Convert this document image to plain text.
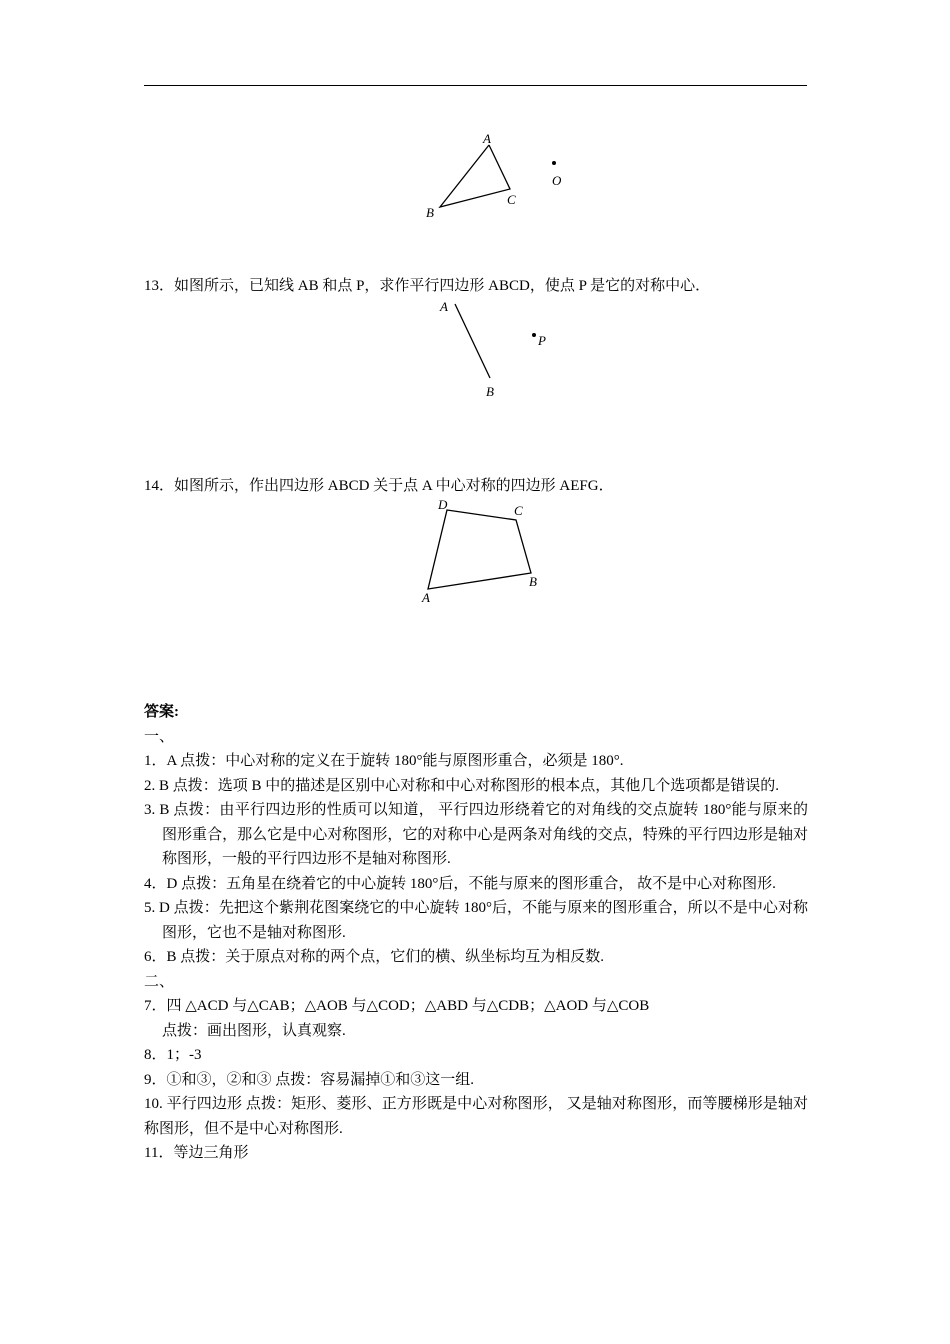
A
B
C
O
13．如图所示，已知线 AB 和点 P，求作平行四边形 ABCD，使点 P 是它的对称中心．
A
B
P
14．如图所示，作出四边形 ABCD 关于点 A 中心对称的四边形 AEFG．
D	C
B
A
答案:
一、
1．A 点拨：中心对称的定义在于旋转 180°能与原图形重合，必须是 180°.
2. B 点拨：选项 B 中的描述是区别中心对称和中心对称图形的根本点，其他几个选项都是错误的.
3. B 点拨：由平行四边形的性质可以知道， 平行四边形绕着它的对角线的交点旋转 180°能与原来的图形重合，那么它是中心对称图形，它的对称中心是两条对角线的交点，特殊的平行四边形是轴对称图形，一般的平行四边形不是轴对称图形.
4．D 点拨：五角星在绕着它的中心旋转 180°后，不能与原来的图形重合， 故不是中心对称图形.
5. D 点拨：先把这个紫荆花图案绕它的中心旋转 180°后，不能与原来的图形重合，所以不是中心对称图形，它也不是轴对称图形.
6．B 点拨：关于原点对称的两个点，它们的横、纵坐标均互为相反数.
二、
7．四 △ACD 与△CAB；△AOB 与△COD；△ABD 与△CDB；△AOD 与△COB
点拨：画出图形，认真观察.
8．1；-3
9．①和③，②和③ 点拨：容易漏掉①和③这一组.
10. 平行四边形 点拨：矩形、菱形、正方形既是中心对称图形， 又是轴对称图形，而等腰梯形是轴对称图形，但不是中心对称图形.
11．等边三角形
